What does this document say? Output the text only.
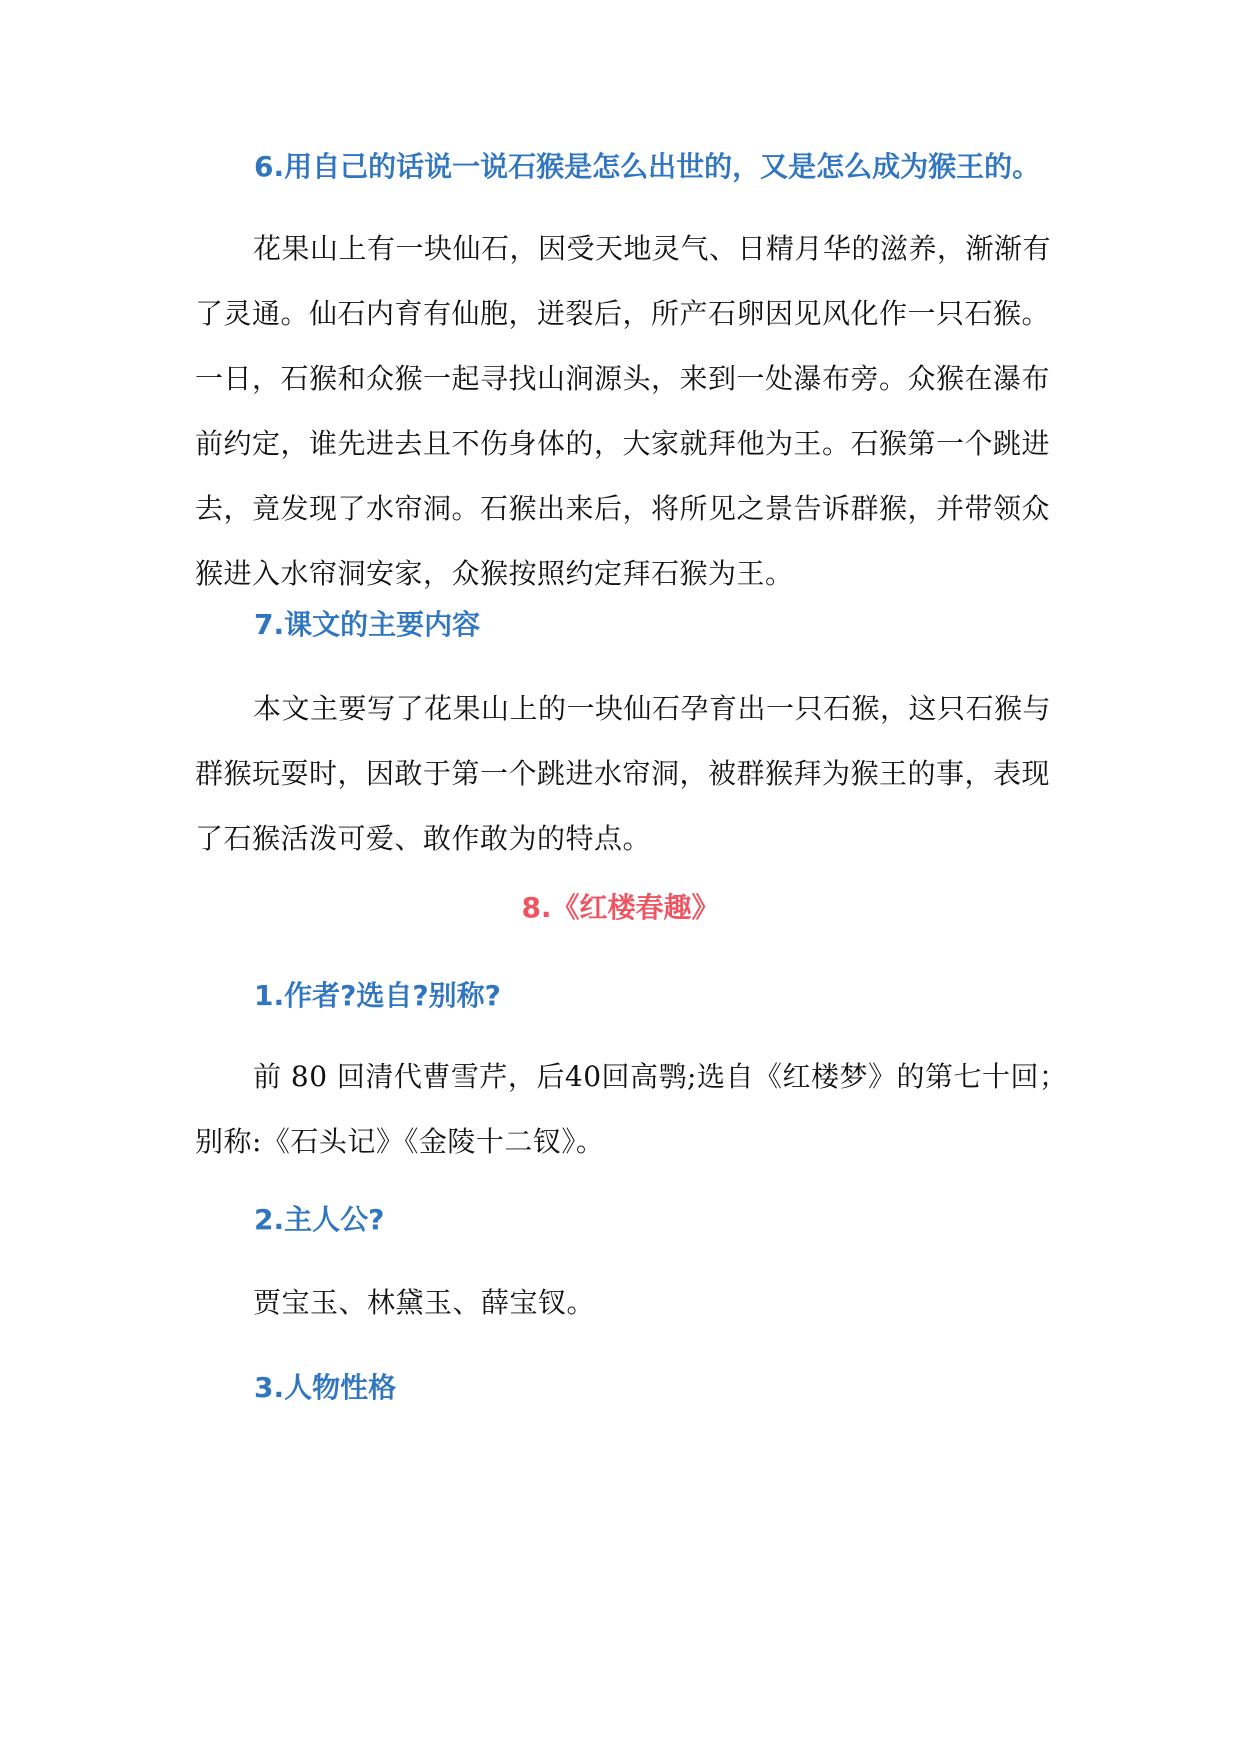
6.用自己的话说一说石猴是怎么出世的，又是怎么成为猴王的。

花果山上有一块仙石，因受天地灵气、日精月华的滋养，渐渐有了灵通。仙石内育有仙胞，迸裂后，所产石卵因见风化作一只石猴。一日，石猴和众猴一起寻找山涧源头，来到一处瀑布旁。众猴在瀑布前约定，谁先进去且不伤身体的，大家就拜他为王。石猴第一个跳进去，竟发现了水帘洞。石猴出来后，将所见之景告诉群猴，并带领众猴进入水帘洞安家，众猴按照约定拜石猴为王。

7.课文的主要内容

本文主要写了花果山上的一块仙石孕育出一只石猴，这只石猴与群猴玩耍时，因敢于第一个跳进水帘洞，被群猴拜为猴王的事，表现了石猴活泼可爱、敢作敢为的特点。

8.《红楼春趣》
1.作者?选自?别称?

前 80 回清代曹雪芹，后40回高鹗;选自《红楼梦》的第七十回；别称:《石头记》《金陵十二钗》。

2.主人公?

贾宝玉、林黛玉、薛宝钗。

3.人物性格
